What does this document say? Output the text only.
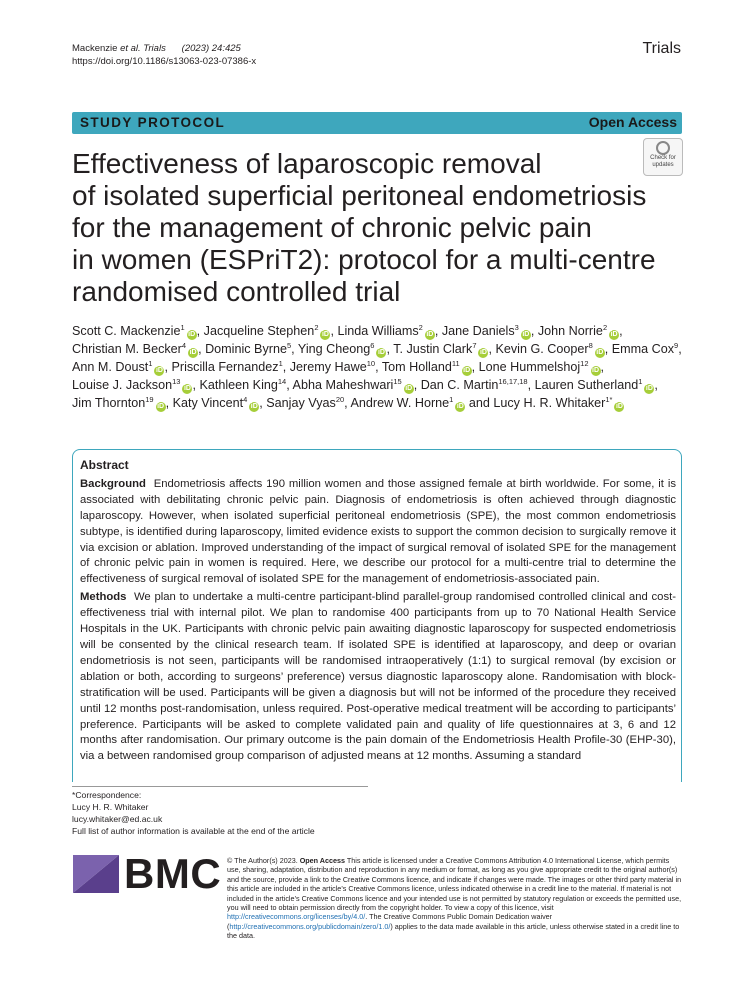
Mackenzie et al. Trials (2023) 24:425
https://doi.org/10.1186/s13063-023-07386-x
Trials
STUDY PROTOCOL	Open Access
Check for
updates
Effectiveness of laparoscopic removal
of isolated superficial peritoneal endometriosis
for the management of chronic pelvic pain
in women (ESPriT2): protocol for a multi-centre
randomised controlled trial
Scott C. Mackenzie$^1$iD , Jacqueline Stephen$^2$iD , Linda Williams$^2$iD , Jane Daniels$^3$iD , John Norrie$^2$iD , Christian M. Becker$^4$iD , Dominic Byrne$^5$, Ying Cheong$^6$iD , T. Justin Clark$^7$iD , Kevin G. Cooper$^8$iD , Emma Cox$^9$, Ann M. Doust$^1$iD , Priscilla Fernandez$^1$, Jeremy Hawe$^{10}$, Tom Holland$^{11}$iD , Lone Hummelshoj$^{12}$iD , Louise J. Jackson$^{13}$iD , Kathleen King$^{14}$, Abha Maheshwari$^{15}$iD , Dan C. Martin$^{16,17,18}$, Lauren Sutherland$^1$iD , Jim Thornton$^{19}$iD , Katy Vincent$^4$iD , Sanjay Vyas$^{20}$, Andrew W. Horne$^1$iD and Lucy H. R. Whitaker$^{1*}$iD
Abstract

Background Endometriosis affects 190 million women and those assigned female at birth worldwide. For some, it is associated with debilitating chronic pelvic pain. Diagnosis of endometriosis is often achieved through diagnostic laparoscopy. However, when isolated superficial peritoneal endometriosis (SPE), the most common endometriosis subtype, is identified during laparoscopy, limited evidence exists to support the common decision to surgically remove it via excision or ablation. Improved understanding of the impact of surgical removal of isolated SPE for the management of chronic pelvic pain in women is required. Here, we describe our protocol for a multi-centre trial to determine the effectiveness of surgical removal of isolated SPE for the management of endometriosis-associated pain.

Methods We plan to undertake a multi-centre participant-blind parallel-group randomised controlled clinical and cost-effectiveness trial with internal pilot. We plan to randomise 400 participants from up to 70 National Health Service Hospitals in the UK. Participants with chronic pelvic pain awaiting diagnostic laparoscopy for suspected endometriosis will be consented by the clinical research team. If isolated SPE is identified at laparoscopy, and deep or ovarian endometriosis is not seen, participants will be randomised intraoperatively (1:1) to surgical removal (by excision or ablation or both, according to surgeons’ preference) versus diagnostic laparoscopy alone. Randomisation with block-stratification will be used. Participants will be given a diagnosis but will not be informed of the procedure they received until 12 months post-randomisation, unless required. Post-operative medical treatment will be according to participants’ preference. Participants will be asked to complete validated pain and quality of life questionnaires at 3, 6 and 12 months after randomisation. Our primary outcome is the pain domain of the Endometriosis Health Profile-30 (EHP-30), via a between randomised group comparison of adjusted means at 12 months. Assuming a standard

*Correspondence:
Lucy H. R. Whitaker
lucy.whitaker@ed.ac.uk
Full list of author information is available at the end of the article
BMC © The Author(s) 2023. Open Access This article is licensed under a Creative Commons Attribution 4.0 International License, which permits use, sharing, adaptation, distribution and reproduction in any medium or format, as long as you give appropriate credit to the original author(s) and the source, provide a link to the Creative Commons licence, and indicate if changes were made. The images or other third party material in this article are included in the article’s Creative Commons licence, unless indicated otherwise in a credit line to the material. If material is not included in the article’s Creative Commons licence and your intended use is not permitted by statutory regulation or exceeds the permitted use, you will need to obtain permission directly from the copyright holder. To view a copy of this licence, visit http://creativecommons.org/licenses/by/4.0/. The Creative Commons Public Domain Dedication waiver (http://creativecommons.org/publicdomain/zero/1.0/) applies to the data made available in this article, unless otherwise stated in a credit line to the data.
